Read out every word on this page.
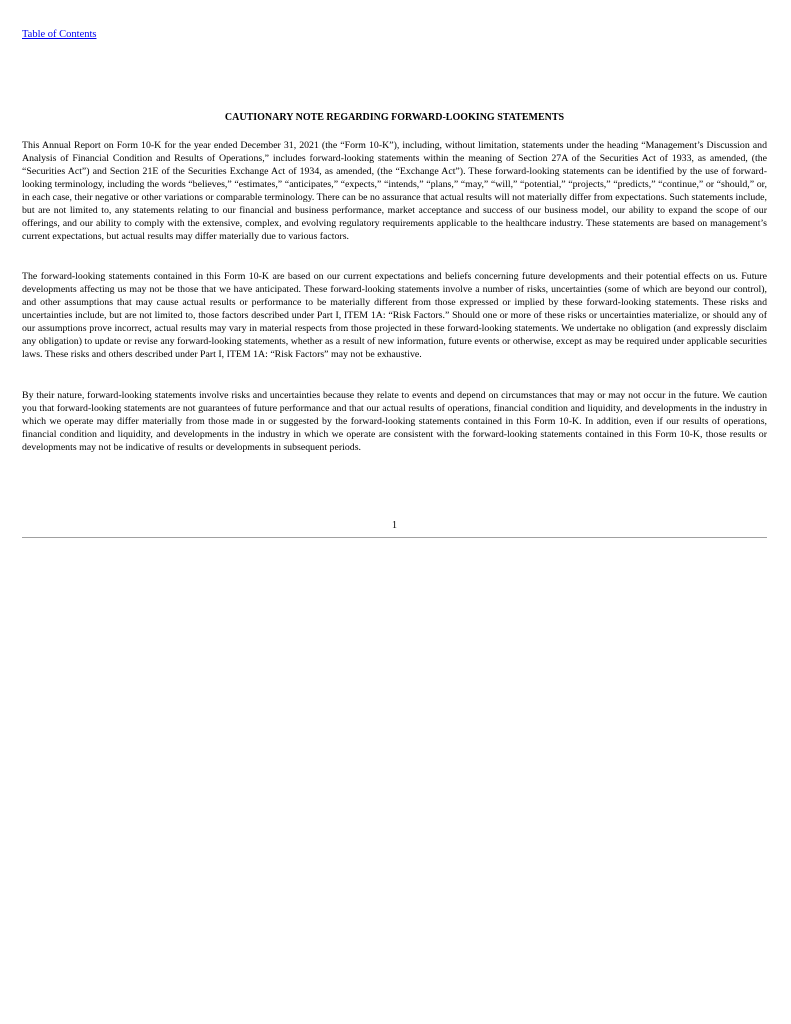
Table of Contents
CAUTIONARY NOTE REGARDING FORWARD-LOOKING STATEMENTS

This Annual Report on Form 10-K for the year ended December 31, 2021 (the “Form 10-K”), including, without limitation, statements under the heading “Management’s Discussion and Analysis of Financial Condition and Results of Operations,” includes forward-looking statements within the meaning of Section 27A of the Securities Act of 1933, as amended, (the “Securities Act”) and Section 21E of the Securities Exchange Act of 1934, as amended, (the “Exchange Act”). These forward-looking statements can be identified by the use of forward-looking terminology, including the words “believes,” “estimates,” “anticipates,” “expects,” “intends,” “plans,” “may,” “will,” “potential,” “projects,” “predicts,” “continue,” or “should,” or, in each case, their negative or other variations or comparable terminology. There can be no assurance that actual results will not materially differ from expectations. Such statements include, but are not limited to, any statements relating to our financial and business performance, market acceptance and success of our business model, our ability to expand the scope of our offerings, and our ability to comply with the extensive, complex, and evolving regulatory requirements applicable to the healthcare industry. These statements are based on management’s current expectations, but actual results may differ materially due to various factors.

The forward-looking statements contained in this Form 10-K are based on our current expectations and beliefs concerning future developments and their potential effects on us. Future developments affecting us may not be those that we have anticipated. These forward-looking statements involve a number of risks, uncertainties (some of which are beyond our control), and other assumptions that may cause actual results or performance to be materially different from those expressed or implied by these forward-looking statements. These risks and uncertainties include, but are not limited to, those factors described under Part I, ITEM 1A: “Risk Factors.” Should one or more of these risks or uncertainties materialize, or should any of our assumptions prove incorrect, actual results may vary in material respects from those projected in these forward-looking statements. We undertake no obligation (and expressly disclaim any obligation) to update or revise any forward-looking statements, whether as a result of new information, future events or otherwise, except as may be required under applicable securities laws. These risks and others described under Part I, ITEM 1A: “Risk Factors” may not be exhaustive.

By their nature, forward-looking statements involve risks and uncertainties because they relate to events and depend on circumstances that may or may not occur in the future. We caution you that forward-looking statements are not guarantees of future performance and that our actual results of operations, financial condition and liquidity, and developments in the industry in which we operate may differ materially from those made in or suggested by the forward-looking statements contained in this Form 10-K. In addition, even if our results of operations, financial condition and liquidity, and developments in the industry in which we operate are consistent with the forward-looking statements contained in this Form 10-K, those results or developments may not be indicative of results or developments in subsequent periods.

1
